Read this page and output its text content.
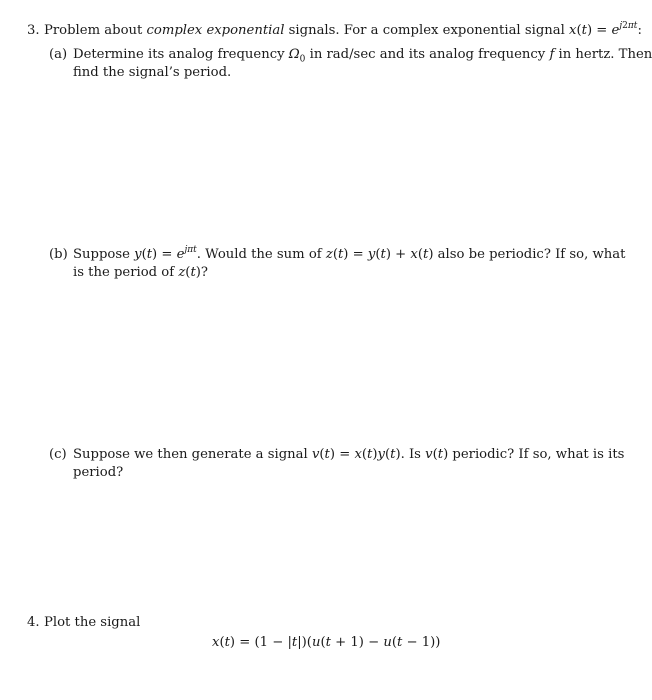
3. Problem about complex exponential signals. For a complex exponential signal $x(t) = e^{j2\pi t}$:
(a) Determine its analog frequency $\Omega_0$ in rad/sec and its analog frequency f in hertz. Then
find the signal’s period.
(b) Suppose $y(t) = e^{j\pi t}$. Would the sum of z(t) = y(t) + x(t) also be periodic? If so, what
is the period of z(t)?
(c) Suppose we then generate a signal v(t) = x(t)y(t). Is v(t) periodic? If so, what is its
period?
4. Plot the signal
x(t) = (1 − |t|)(u(t + 1) − u(t − 1))
